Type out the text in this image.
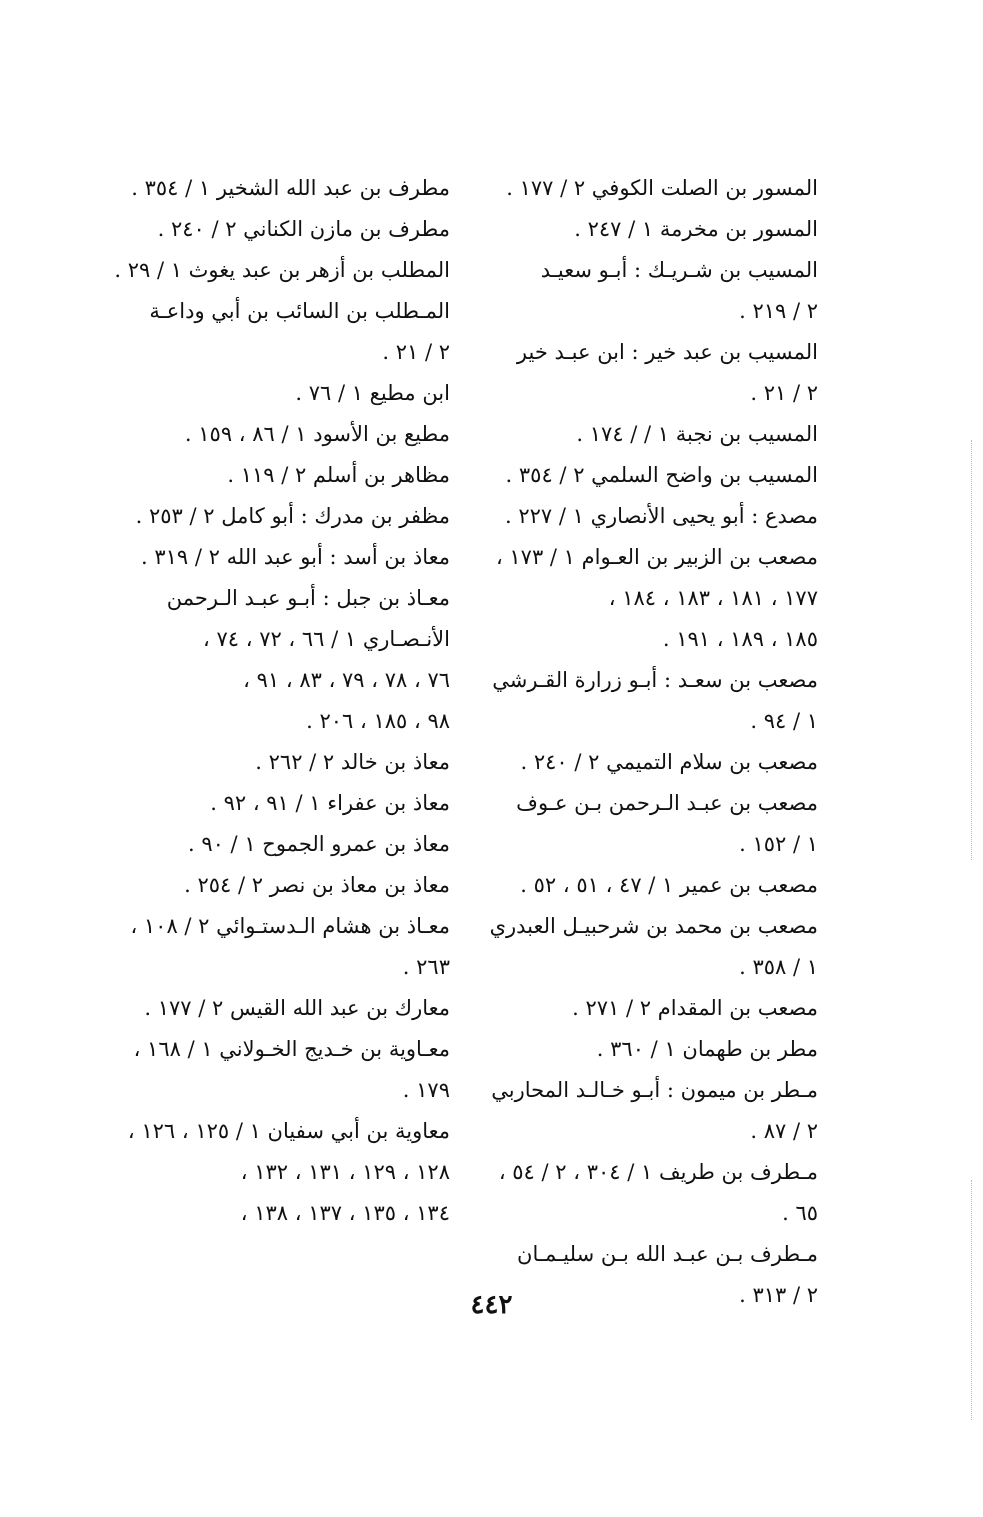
المسور بن الصلت الكوفي ٢ / ١٧٧ .
المسور بن مخرمة ١ / ٢٤٧ .
المسيب بن شـريـك : أبـو سعيـد
٢ / ٢١٩ .
المسيب بن عبد خير : ابن عبـد خير
٢ / ٢١ .
المسيب بن نجبة ١ / / ١٧٤ .
المسيب بن واضح السلمي ٢ / ٣٥٤ .
مصدع : أبو يحيى الأنصاري ١ / ٢٢٧ .
مصعب بن الزبير بن العـوام ١ / ١٧٣ ،
١٧٧ ، ١٨١ ، ١٨٣ ، ١٨٤ ،
١٨٥ ، ١٨٩ ، ١٩١ .
مصعب بن سعـد : أبـو زرارة القـرشي
١ / ٩٤ .
مصعب بن سلام التميمي ٢ / ٢٤٠ .
مصعب بن عبـد الـرحمن بـن عـوف
١ / ١٥٢ .
مصعب بن عمير ١ / ٤٧ ، ٥١ ، ٥٢ .
مصعب بن محمد بن شرحبيـل العبدري
١ / ٣٥٨ .
مصعب بن المقدام ٢ / ٢٧١ .
مطر بن طهمان ١ / ٣٦٠ .
مـطر بن ميمون : أبـو خـالـد المحاربي
٢ / ٨٧ .
مـطرف بن طريف ١ / ٣٠٤ ، ٢ / ٥٤ ،
٦٥ .
مـطرف بـن عبـد الله بـن سليـمـان
٢ / ٣١٣ .
مطرف بن عبد الله الشخير ١ / ٣٥٤ .
مطرف بن مازن الكناني ٢ / ٢٤٠ .
المطلب بن أزهر بن عبد يغوث ١ / ٢٩ .
المـطلب بن السائب بن أبي وداعـة
٢ / ٢١ .
ابن مطيع ١ / ٧٦ .
مطيع بن الأسود ١ / ٨٦ ، ١٥٩ .
مظاهر بن أسلم ٢ / ١١٩ .
مظفر بن مدرك : أبو كامل ٢ / ٢٥٣ .
معاذ بن أسد : أبو عبد الله ٢ / ٣١٩ .
معـاذ بن جبل : أبـو عبـد الـرحمن
الأنـصـاري ١ / ٦٦ ، ٧٢ ، ٧٤ ،
٧٦ ، ٧٨ ، ٧٩ ، ٨٣ ، ٩١ ،
٩٨ ، ١٨٥ ، ٢٠٦ .
معاذ بن خالد ٢ / ٢٦٢ .
معاذ بن عفراء ١ / ٩١ ، ٩٢ .
معاذ بن عمرو الجموح ١ / ٩٠ .
معاذ بن معاذ بن نصر ٢ / ٢٥٤ .
معـاذ بن هشام الـدستـوائي ٢ / ١٠٨ ،
٢٦٣ .
معارك بن عبد الله القيس ٢ / ١٧٧ .
معـاوية بن خـديج الخـولاني ١ / ١٦٨ ،
١٧٩ .
معاوية بن أبي سفيان ١ / ١٢٥ ، ١٢٦ ،
١٢٨ ، ١٢٩ ، ١٣١ ، ١٣٢ ،
١٣٤ ، ١٣٥ ، ١٣٧ ، ١٣٨ ،
٤٤٢
